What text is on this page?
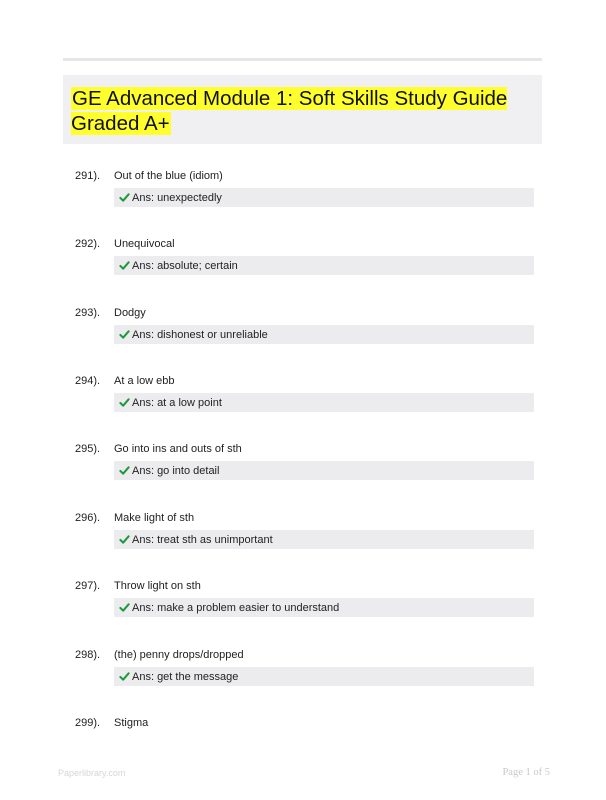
GE Advanced Module 1: Soft Skills Study Guide Graded A+
291). Out of the blue (idiom)
Ans: unexpectedly
292). Unequivocal
Ans: absolute; certain
293). Dodgy
Ans: dishonest or unreliable
294). At a low ebb
Ans: at a low point
295). Go into ins and outs of sth
Ans: go into detail
296). Make light of sth
Ans: treat sth as unimportant
297). Throw light on sth
Ans: make a problem easier to understand
298). (the) penny drops/dropped
Ans: get the message
299). Stigma
Paperlibrary.com	Page 1 of 5
